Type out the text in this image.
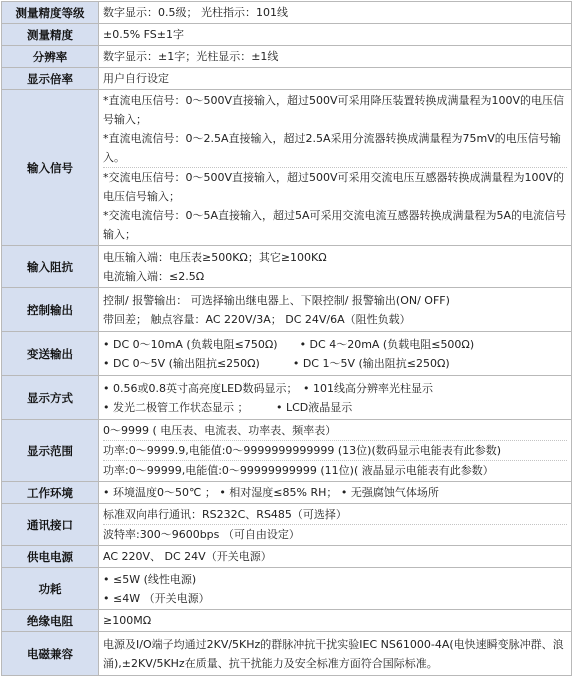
测量精度等级	数字显示：0.5级； 光柱指示：101线

测量精度	±0.5% FS±1字

分辨率	数字显示：±1字；光柱显示：±1线

显示倍率	用户自行设定

输入信号	*直流电压信号：0～500V直接输入，超过500V可采用降压装置转换成满量程为100V的电压信号输入；
*直流电流信号：0～2.5A直接输入，超过2.5A采用分流器转换成满量程为75mV的电压信号输入。
*交流电压信号：0～500V直接输入，超过500V可采用交流电压互感器转换成满量程为100V的电压信号输入；
*交流电流信号：0～5A直接输入，超过5A可采用交流电流互感器转换成满量程为5A的电流信号输入；

输入阻抗	电压输入端：电压表≥500KΩ；其它≥100KΩ
电流输入端：≤2.5Ω

控制输出	控制/ 报警输出： 可选择输出继电器上、下限控制/ 报警输出(ON/ OFF)
带回差； 触点容量：AC 220V/3A； DC 24V/6A（阻性负载）

变送输出	• DC 0～10mA (负载电阻≤750Ω)　　• DC 4～20mA (负载电阻≤500Ω)
• DC 0～5V (输出阻抗≤250Ω)　　　• DC 1～5V (输出阻抗≤250Ω)

显示方式	• 0.56或0.8英寸高亮度LED数码显示；　• 101线高分辨率光柱显示
• 发光二极管工作状态显示 ；　　　• LCD液晶显示

显示范围	0～9999 ( 电压表、电流表、功率表、频率表）
功率:0～9999.9,电能值:0～9999999999999 (13位)(数码显示电能表有此参数)
功率:0～99999,电能值:0～99999999999 (11位)( 液晶显示电能表有此参数）

工作环境	• 环境温度0～50℃ ； • 相对湿度≤85% RH； • 无强腐蚀气体场所

通讯接口	标准双向串行通讯：RS232C、RS485（可选择）
波特率:300～9600bps （可自由设定）

供电电源	AC 220V、 DC 24V（开关电源）

功耗	• ≤5W (线性电源)
• ≤4W （开关电源）

绝缘电阻	≥100MΩ

电磁兼容	电源及I/O端子均通过2KV/5KHz的群脉冲抗干扰实验IEC NS61000-4A(电快速瞬变脉冲群、浪涌),±2KV/5KHz在质量、抗干扰能力及安全标准方面符合国际标准。
